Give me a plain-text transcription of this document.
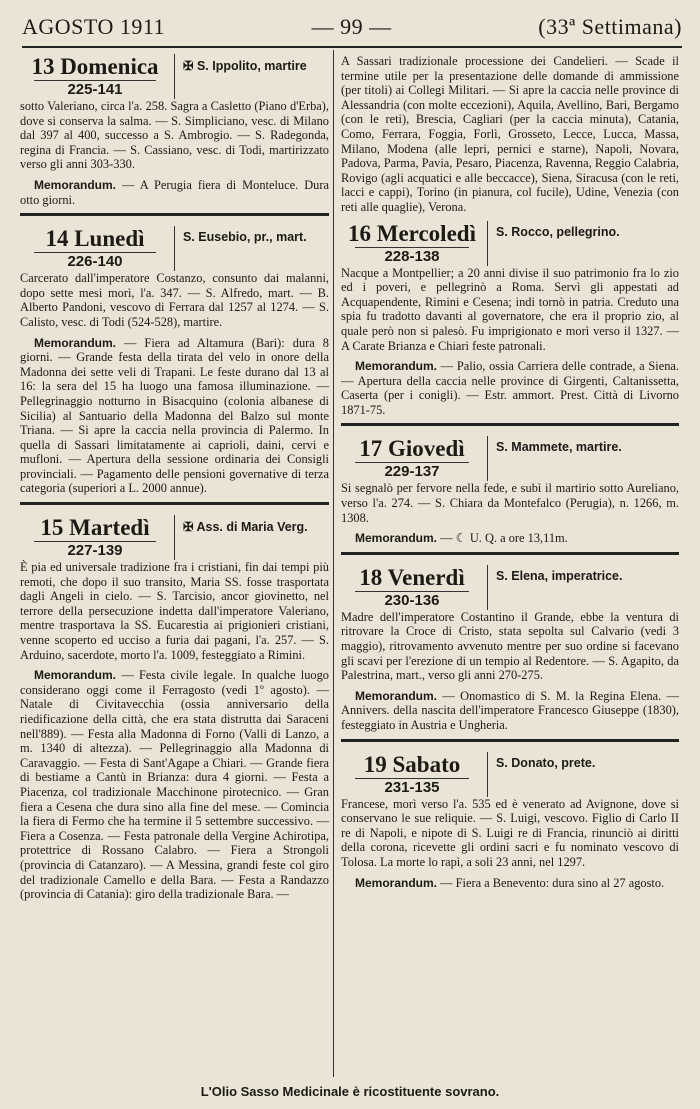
AGOSTO 1911	— 99 —	(33ª Settimana)
13 Domenica
225-141
✠ S. Ippolito, martire

sotto Valeriano, circa l'a. 258. Sagra a Casletto (Piano d'Erba), dove si conserva la salma. — S. Simpliciano, vesc. di Milano dal 397 al 400, successo a S. Ambrogio. — S. Radegonda, regina di Francia. — S. Cassiano, vesc. di Todi, martirizzato verso gli anni 303-330.

Memorandum. — A Perugia fiera di Monteluce. Dura otto giorni.

14 Lunedì
226-140
S. Eusebio, pr., mart.

Carcerato dall'imperatore Costanzo, consunto dai malanni, dopo sette mesi morì, l'a. 347. — S. Alfredo, mart. — B. Alberto Pandoni, vescovo di Ferrara dal 1257 al 1274. — S. Calisto, vesc. di Todi (524-528), martire.

Memorandum. — Fiera ad Altamura (Bari): dura 8 giorni. — Grande festa della tirata del velo in onore della Madonna dei sette veli di Trapani. Le feste durano dal 13 al 16: la sera del 15 ha luogo una famosa illuminazione. — Pellegrinaggio notturno in Bisacquino (colonia albanese di Sicilia) al Santuario della Madonna del Balzo sul monte Triana. — Si apre la caccia nella provincia di Palermo. In quella di Sassari limitatamente ai caprioli, daini, cervi e mufloni. — Apertura della sessione ordinaria dei Consigli provinciali. — Pagamento delle pensioni governative di terza categoria (superiori a L. 2000 annue).

15 Martedì
227-139
✠ Ass. di Maria Verg.

È pia ed universale tradizione fra i cristiani, fin dai tempi più remoti, che dopo il suo transito, Maria SS. fosse trasportata dagli Angeli in cielo. — S. Tarcisio, ancor giovinetto, nel terrore della persecuzione indetta dall'imperatore Valeriano, mentre trasportava la SS. Eucarestia ai prigionieri cristiani, venne scoperto ed ucciso a furia dai pagani, l'a. 257. — S. Arduino, sacerdote, morto l'a. 1009, festeggiato a Rimini.

Memorandum. — Festa civile legale. In qualche luogo considerano oggi come il Ferragosto (vedi 1º agosto). — Natale di Civitavecchia (ossia anniversario della riedificazione della città, che era stata distrutta dai Saraceni nell'889). — Festa alla Madonna di Forno (Valli di Lanzo, a m. 1340 di altezza). — Pellegrinaggio alla Madonna di Caravaggio. — Festa di Sant'Agape a Chiari. — Grande fiera di bestiame a Cantù in Brianza: dura 4 giorni. — Festa a Piacenza, col tradizionale Macchinone pirotecnico. — Gran fiera a Cesena che dura sino alla fine del mese. — Comincia la fiera di Fermo che ha termine il 5 settembre successivo. — Fiera a Cosenza. — Festa patronale della Vergine Achirotipa, protettrice di Rossano Calabro. — Fiera a Strongoli (provincia di Catanzaro). — A Messina, grandi feste col giro del tradizionale Camello e della Bara. — Festa a Randazzo (provincia di Catania): giro della tradizionale Bara. —

A Sassari tradizionale processione dei Candelieri. — Scade il termine utile per la presentazione delle domande di ammissione (per titoli) ai Collegi Militari. — Si apre la caccia nelle province di Alessandria (con molte eccezioni), Aquila, Avellino, Bari, Bergamo (con le reti), Brescia, Cagliari (per la caccia minuta), Catania, Como, Ferrara, Foggia, Forlì, Grosseto, Lecce, Lucca, Massa, Milano, Modena (alle lepri, pernici e starne), Napoli, Novara, Padova, Parma, Pavia, Pesaro, Piacenza, Ravenna, Reggio Calabria, Rovigo (agli acquatici e alle beccacce), Siena, Siracusa (con le reti, lacci e cappi), Torino (in pianura, col fucile), Udine, Venezia (con reti alle quaglie), Verona.

16 Mercoledì
228-138
S. Rocco, pellegrino.

Nacque a Montpellier; a 20 anni divise il suo patrimonio fra lo zio ed i poveri, e pellegrinò a Roma. Servì gli appestati ad Acquapendente, Rimini e Cesena; indi tornò in patria. Creduto una spia fu tradotto davanti al governatore, che era il proprio zio, al quale però non si palesò. Fu imprigionato e morì verso il 1327. — A Carate Brianza e Chiari feste patronali.

Memorandum. — Palio, ossia Carriera delle contrade, a Siena. — Apertura della caccia nelle province di Girgenti, Caltanissetta, Caserta (per i conigli). — Estr. ammort. Prest. Città di Livorno 1871-75.

17 Giovedì
229-137
S. Mammete, martire.

Si segnalò per fervore nella fede, e subì il martirio sotto Aureliano, verso l'a. 274. — S. Chiara da Montefalco (Perugia), n. 1266, m. 1308.

Memorandum. — ☾ U. Q. a ore 13,11m.

18 Venerdì
230-136
S. Elena, imperatrice.

Madre dell'imperatore Costantino il Grande, ebbe la ventura di ritrovare la Croce di Cristo, stata sepolta sul Calvario (vedi 3 maggio), ritrovamento avvenuto mentre per suo ordine si facevano gli scavi per l'erezione di un tempio al Redentore. — S. Agapito, da Palestrina, mart., verso gli anni 270-275.

Memorandum. — Onomastico di S. M. la Regina Elena. — Annivers. della nascita dell'imperatore Francesco Giuseppe (1830), festeggiato in Austria e Ungheria.

19 Sabato
231-135
S. Donato, prete.

Francese, morì verso l'a. 535 ed è venerato ad Avignone, dove si conservano le sue reliquie. — S. Luigi, vescovo. Figlio di Carlo II re di Napoli, e nipote di S. Luigi re di Francia, rinunciò ai diritti della corona, ricevette gli ordini sacri e fu nominato vescovo di Tolosa. La morte lo rapì, a soli 23 anni, nel 1297.

Memorandum. — Fiera a Benevento: dura sino al 27 agosto.

L'Olio Sasso Medicinale è ricostituente sovrano.
